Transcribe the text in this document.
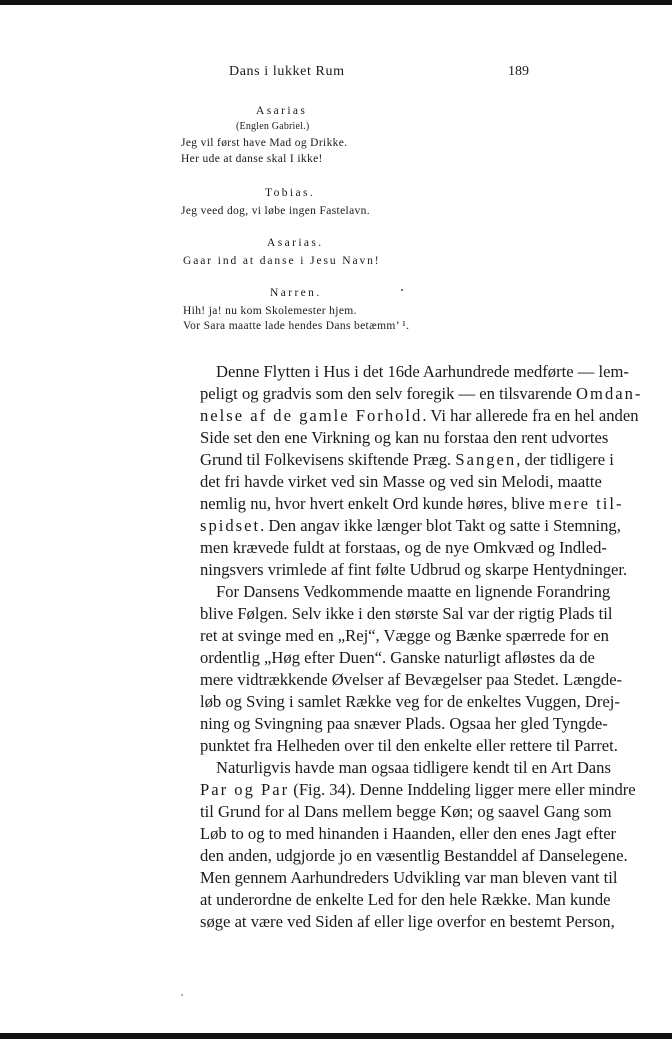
Dans i lukket Rum	189
Asarias
(Englen Gabriel.)
Jeg vil først have Mad og Drikke.
Her ude at danse skal I ikke!
Tobias.
Jeg veed dog, vi løbe ingen Fastelavn.
Asarias.
Gaar ind at danse i Jesu Navn!
Narren.
Hih! ja! nu kom Skolemester hjem.
Vor Sara maatte lade hendes Dans betæmm’ ¹.
Denne Flytten i Hus i det 16de Aarhundrede medførte — lem-
peligt og gradvis som den selv foregik — en tilsvarende Omdan-
nelse af de gamle Forhold. Vi har allerede fra en hel anden
Side set den ene Virkning og kan nu forstaa den rent udvortes
Grund til Folkevisens skiftende Præg. Sangen, der tidligere i
det fri havde virket ved sin Masse og ved sin Melodi, maatte
nemlig nu, hvor hvert enkelt Ord kunde høres, blive mere til-
spidset. Den angav ikke længer blot Takt og satte i Stemning,
men krævede fuldt at forstaas, og de nye Omkvæd og Indled-
ningsvers vrimlede af fint følte Udbrud og skarpe Hentydninger.
For Dansens Vedkommende maatte en lignende Forandring
blive Følgen. Selv ikke i den største Sal var der rigtig Plads til
ret at svinge med en „Rej“, Vægge og Bænke spærrede for en
ordentlig „Høg efter Duen“. Ganske naturligt afløstes da de
mere vidtrækkende Øvelser af Bevægelser paa Stedet. Længde-
løb og Sving i samlet Række veg for de enkeltes Vuggen, Drej-
ning og Svingning paa snæver Plads. Ogsaa her gled Tyngde-
punktet fra Helheden over til den enkelte eller rettere til Parret.
Naturligvis havde man ogsaa tidligere kendt til en Art Dans
Par og Par (Fig. 34). Denne Inddeling ligger mere eller mindre
til Grund for al Dans mellem begge Køn; og saavel Gang som
Løb to og to med hinanden i Haanden, eller den enes Jagt efter
den anden, udgjorde jo en væsentlig Bestanddel af Danselegene.
Men gennem Aarhundreders Udvikling var man bleven vant til
at underordne de enkelte Led for den hele Række. Man kunde
søge at være ved Siden af eller lige overfor en bestemt Person,
